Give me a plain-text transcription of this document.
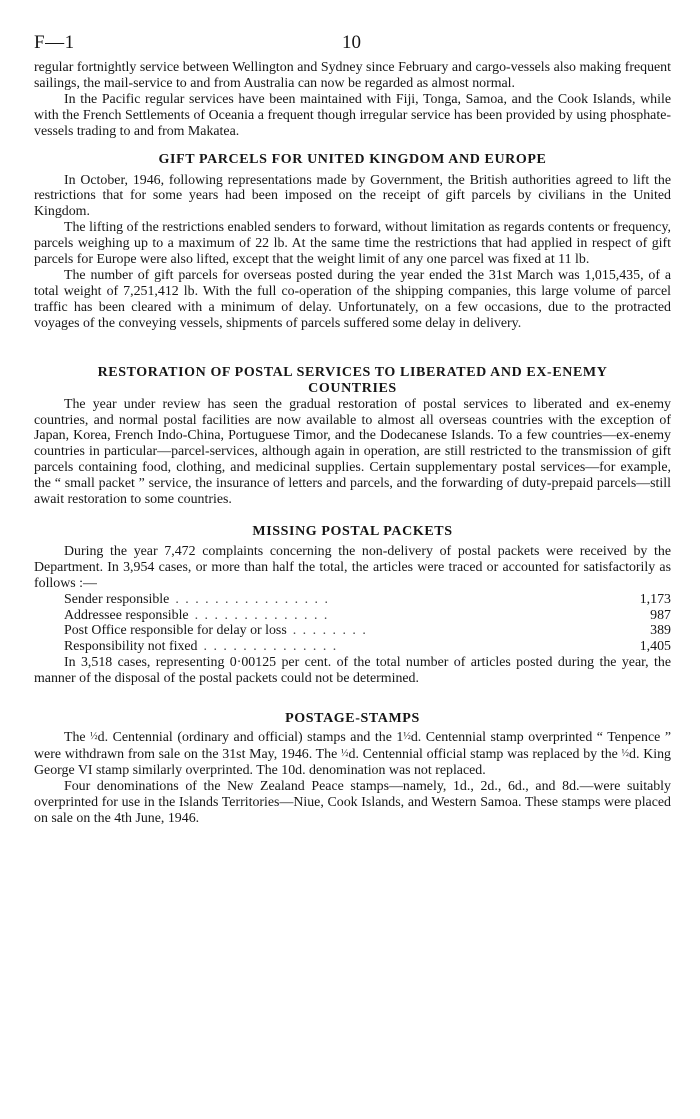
F—1	10

regular fortnightly service between Wellington and Sydney since February and cargo-vessels also making frequent sailings, the mail-service to and from Australia can now be regarded as almost normal.

In the Pacific regular services have been maintained with Fiji, Tonga, Samoa, and the Cook Islands, while with the French Settlements of Oceania a frequent though irregular service has been provided by using phosphate-vessels trading to and from Makatea.

GIFT PARCELS FOR UNITED KINGDOM AND EUROPE

In October, 1946, following representations made by Government, the British authorities agreed to lift the restrictions that for some years had been imposed on the receipt of gift parcels by civilians in the United Kingdom.

The lifting of the restrictions enabled senders to forward, without limitation as regards contents or frequency, parcels weighing up to a maximum of 22 lb. At the same time the restrictions that had applied in respect of gift parcels for Europe were also lifted, except that the weight limit of any one parcel was fixed at 11 lb.

The number of gift parcels for overseas posted during the year ended the 31st March was 1,015,435, of a total weight of 7,251,412 lb. With the full co-operation of the shipping companies, this large volume of parcel traffic has been cleared with a minimum of delay. Unfortunately, on a few occasions, due to the protracted voyages of the conveying vessels, shipments of parcels suffered some delay in delivery.

RESTORATION OF POSTAL SERVICES TO LIBERATED AND EX-ENEMY
COUNTRIES

The year under review has seen the gradual restoration of postal services to liberated and ex-enemy countries, and normal postal facilities are now available to almost all overseas countries with the exception of Japan, Korea, French Indo-China, Portuguese Timor, and the Dodecanese Islands. To a few countries—ex-enemy countries in particular—parcel-services, although again in operation, are still restricted to the transmission of gift parcels containing food, clothing, and medicinal supplies. Certain supplementary postal services—for example, the “ small packet ” service, the insurance of letters and parcels, and the forwarding of duty-prepaid parcels—still await restoration to some countries.

MISSING POSTAL PACKETS

During the year 7,472 complaints concerning the non-delivery of postal packets were received by the Department. In 3,954 cases, or more than half the total, the articles were traced or accounted for satisfactorily as follows :—

Sender responsible . . . . . . . . . . . . . . . .	1,173
Addressee responsible . . . . . . . . . . . . . .	987
Post Office responsible for delay or loss . . . . . . . .	389
Responsibility not fixed . . . . . . . . . . . . . .	1,405

In 3,518 cases, representing 0·00125 per cent. of the total number of articles posted during the year, the manner of the disposal of the postal packets could not be determined.

POSTAGE-STAMPS

The ½d. Centennial (ordinary and official) stamps and the 1½d. Centennial stamp overprinted “ Tenpence ” were withdrawn from sale on the 31st May, 1946. The ½d. Centennial official stamp was replaced by the ½d. King George VI stamp similarly overprinted. The 10d. denomination was not replaced.

Four denominations of the New Zealand Peace stamps—namely, 1d., 2d., 6d., and 8d.—were suitably overprinted for use in the Islands Territories—Niue, Cook Islands, and Western Samoa. These stamps were placed on sale on the 4th June, 1946.
